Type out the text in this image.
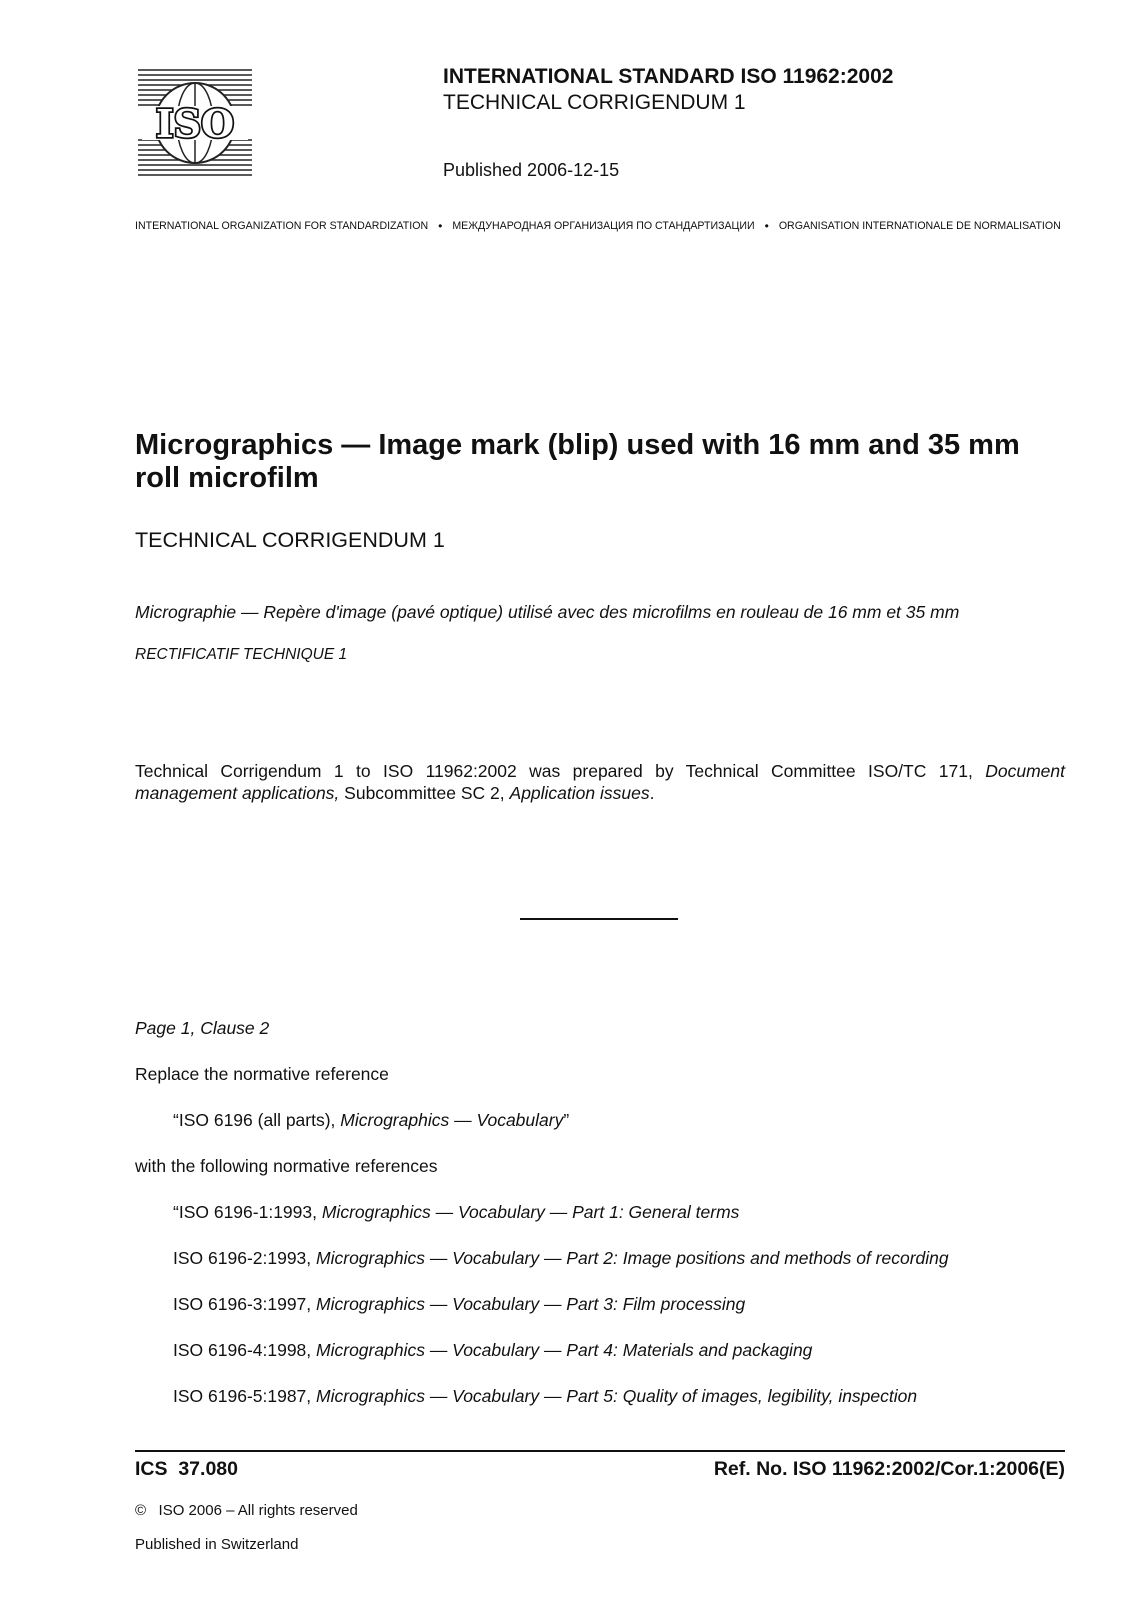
ISO
INTERNATIONAL STANDARD ISO 11962:2002
TECHNICAL CORRIGENDUM 1
Published 2006-12-15
INTERNATIONAL ORGANIZATION FOR STANDARDIZATION • МЕЖДУНАРОДНАЯ ОРГАНИЗАЦИЯ ПО СТАНДАРТИЗАЦИИ • ORGANISATION INTERNATIONALE DE NORMALISATION
Micrographics — Image mark (blip) used with 16 mm and 35 mm roll microfilm
TECHNICAL CORRIGENDUM 1
Micrographie — Repère d'image (pavé optique) utilisé avec des microfilms en rouleau de 16 mm et 35 mm
RECTIFICATIF TECHNIQUE 1
Technical Corrigendum 1 to ISO 11962:2002 was prepared by Technical Committee ISO/TC 171, Document management applications, Subcommittee SC 2, Application issues.
Page 1, Clause 2
Replace the normative reference
“ISO 6196 (all parts), Micrographics — Vocabulary”
with the following normative references
“ISO 6196-1:1993, Micrographics — Vocabulary — Part 1: General terms
ISO 6196-2:1993, Micrographics — Vocabulary — Part 2: Image positions and methods of recording
ISO 6196-3:1997, Micrographics — Vocabulary — Part 3: Film processing
ISO 6196-4:1998, Micrographics — Vocabulary — Part 4: Materials and packaging
ISO 6196-5:1987, Micrographics — Vocabulary — Part 5: Quality of images, legibility, inspection
ICS  37.080	Ref. No. ISO 11962:2002/Cor.1:2006(E)
©   ISO 2006 – All rights reserved
Published in Switzerland
